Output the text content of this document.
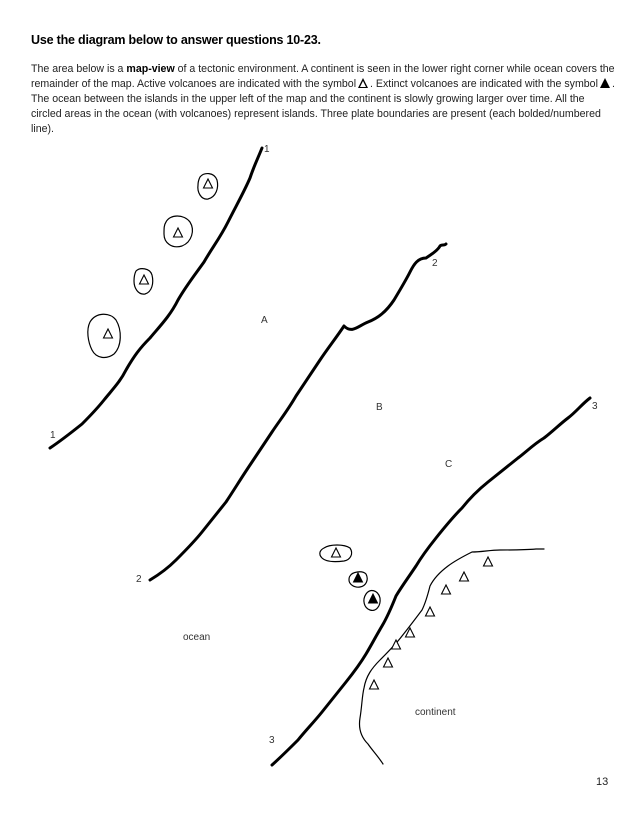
Use the diagram below to answer questions 10-23.
The area below is a map-view of a tectonic environment. A continent is seen in the lower right corner while ocean covers the remainder of the map. Active volcanoes are indicated with the symbol . Extinct volcanoes are indicated with the symbol . The ocean between the islands in the upper left of the map and the continent is slowly growing larger over time. All the circled areas in the ocean (with volcanoes) represent islands. Three plate boundaries are present (each bolded/numbered line).
1
1
2
2
3
3
A
B
C
ocean
continent
13
